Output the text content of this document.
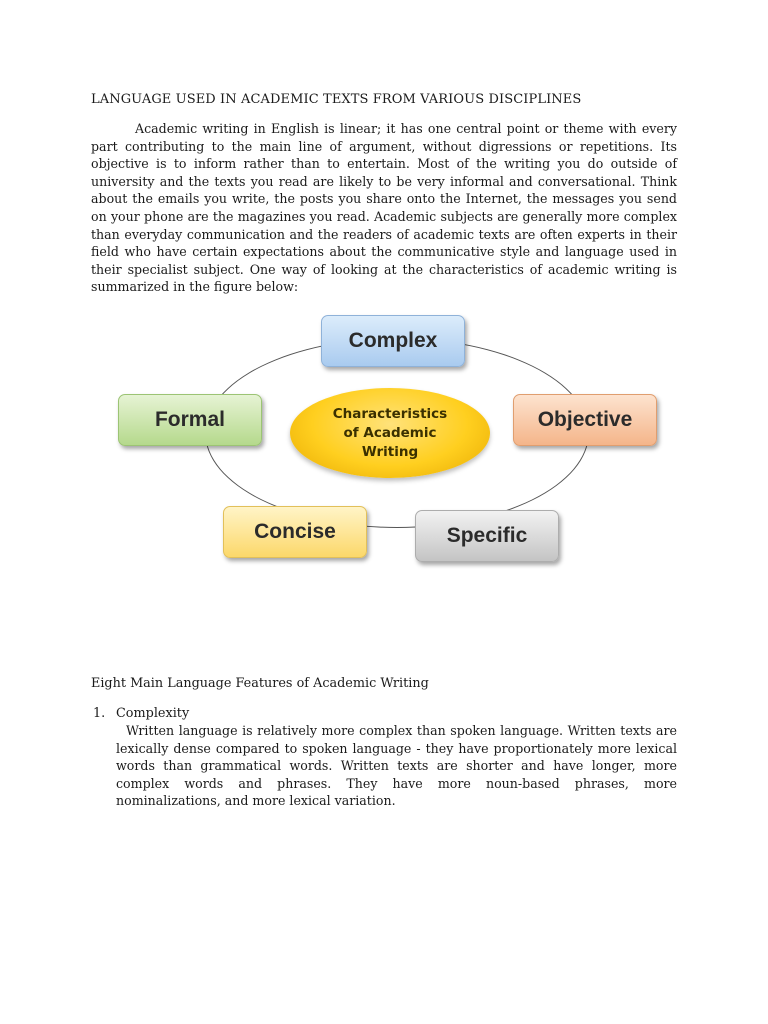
LANGUAGE USED IN ACADEMIC TEXTS FROM VARIOUS DISCIPLINES

Academic writing in English is linear; it has one central point or theme with every part contributing to the main line of argument, without digressions or repetitions. Its objective is to inform rather than to entertain. Most of the writing you do outside of university and the texts you read are likely to be very informal and conversational. Think about the emails you write, the posts you share onto the Internet, the messages you send on your phone are the magazines you read. Academic subjects are generally more complex than everyday communication and the readers of academic texts are often experts in their field who have certain expectations about the communicative style and language used in their specialist subject. One way of looking at the characteristics of academic writing is summarized in the figure below:

Characteristics of Academic Writing
Complex
Formal	Objective
Concise	Specific
Eight Main Language Features of Academic Writing
1. Complexity

Written language is relatively more complex than spoken language. Written texts are lexically dense compared to spoken language - they have proportionately more lexical words than grammatical words. Written texts are shorter and have longer, more complex words and phrases. They have more noun-based phrases, more nominalizations, and more lexical variation.
